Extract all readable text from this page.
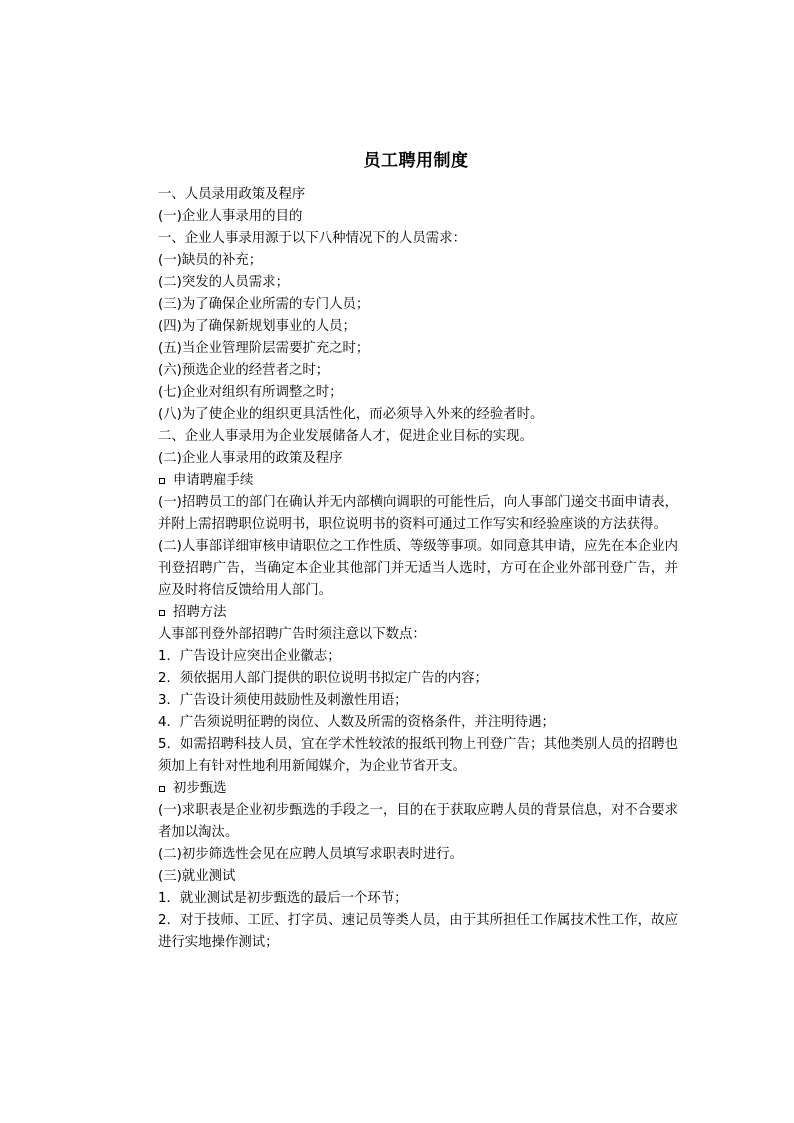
员工聘用制度
一、人员录用政策及程序
(一)企业人事录用的目的
一、企业人事录用源于以下八种情况下的人员需求：
(一)缺员的补充；
(二)突发的人员需求；
(三)为了确保企业所需的专门人员；
(四)为了确保新规划事业的人员；
(五)当企业管理阶层需要扩充之时；
(六)预选企业的经营者之时；
(七)企业对组织有所调整之时；
(八)为了使企业的组织更具活性化，而必须导入外来的经验者时。
二、企业人事录用为企业发展储备人才，促进企业目标的实现。
(二)企业人事录用的政策及程序
申请聘雇手续
(一)招聘员工的部门在确认并无内部横向调职的可能性后，向人事部门递交书面申请表，并附上需招聘职位说明书，职位说明书的资料可通过工作写实和经验座谈的方法获得。
(二)人事部详细审核申请职位之工作性质、等级等事项。如同意其申请，应先在本企业内刊登招聘广告，当确定本企业其他部门并无适当人选时，方可在企业外部刊登广告，并应及时将信反馈给用人部门。
招聘方法
人事部刊登外部招聘广告时须注意以下数点：
1．广告设计应突出企业徽志；
2．须依据用人部门提供的职位说明书拟定广告的内容；
3．广告设计须使用鼓励性及刺激性用语；
4．广告须说明征聘的岗位、人数及所需的资格条件，并注明待遇；
5．如需招聘科技人员，宜在学术性较浓的报纸刊物上刊登广告；其他类别人员的招聘也须加上有针对性地利用新闻媒介，为企业节省开支。
初步甄选
(一)求职表是企业初步甄选的手段之一，目的在于获取应聘人员的背景信息，对不合要求者加以淘汰。
(二)初步筛选性会见在应聘人员填写求职表时进行。
(三)就业测试
1．就业测试是初步甄选的最后一个环节；
2．对于技师、工匠、打字员、速记员等类人员，由于其所担任工作属技术性工作，故应进行实地操作测试；
